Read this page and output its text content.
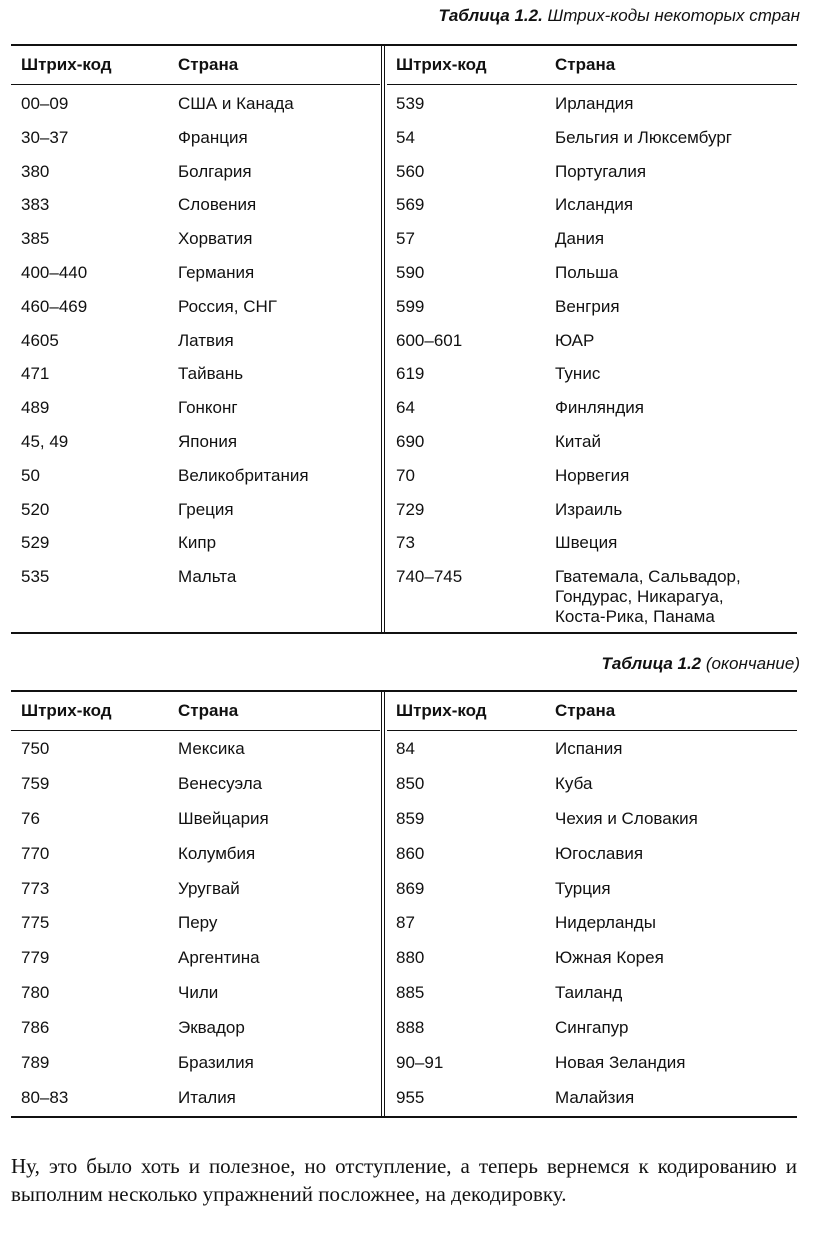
Таблица 1.2. Штрих-коды некоторых стран
Штрих-код	Страна
00–09	США и Канада
30–37	Франция
380	Болгария
383	Словения
385	Хорватия
400–440	Германия
460–469	Россия, СНГ
4605	Латвия
471	Тайвань
489	Гонконг
45, 49	Япония
50	Великобритания
520	Греция
529	Кипр
535	Мальта
Штрих-код	Страна
539	Ирландия
54	Бельгия и Люксембург
560	Португалия
569	Исландия
57	Дания
590	Польша
599	Венгрия
600–601	ЮАР
619	Тунис
64	Финляндия
690	Китай
70	Норвегия
729	Израиль
73	Швеция
740–745	Гватемала, Сальвадор,
Гондурас, Никарагуа,
Коста-Рика, Панама
Таблица 1.2 (окончание)
Штрих-код	Страна
750	Мексика
759	Венесуэла
76	Швейцария
770	Колумбия
773	Уругвай
775	Перу
779	Аргентина
780	Чили
786	Эквадор
789	Бразилия
80–83	Италия
Штрих-код	Страна
84	Испания
850	Куба
859	Чехия и Словакия
860	Югославия
869	Турция
87	Нидерланды
880	Южная Корея
885	Таиланд
888	Сингапур
90–91	Новая Зеландия
955	Малайзия
Ну, это было хоть и полезное, но отступление, а теперь вернемся к кодированию и выполним несколько упражнений посложнее, на декодировку.
